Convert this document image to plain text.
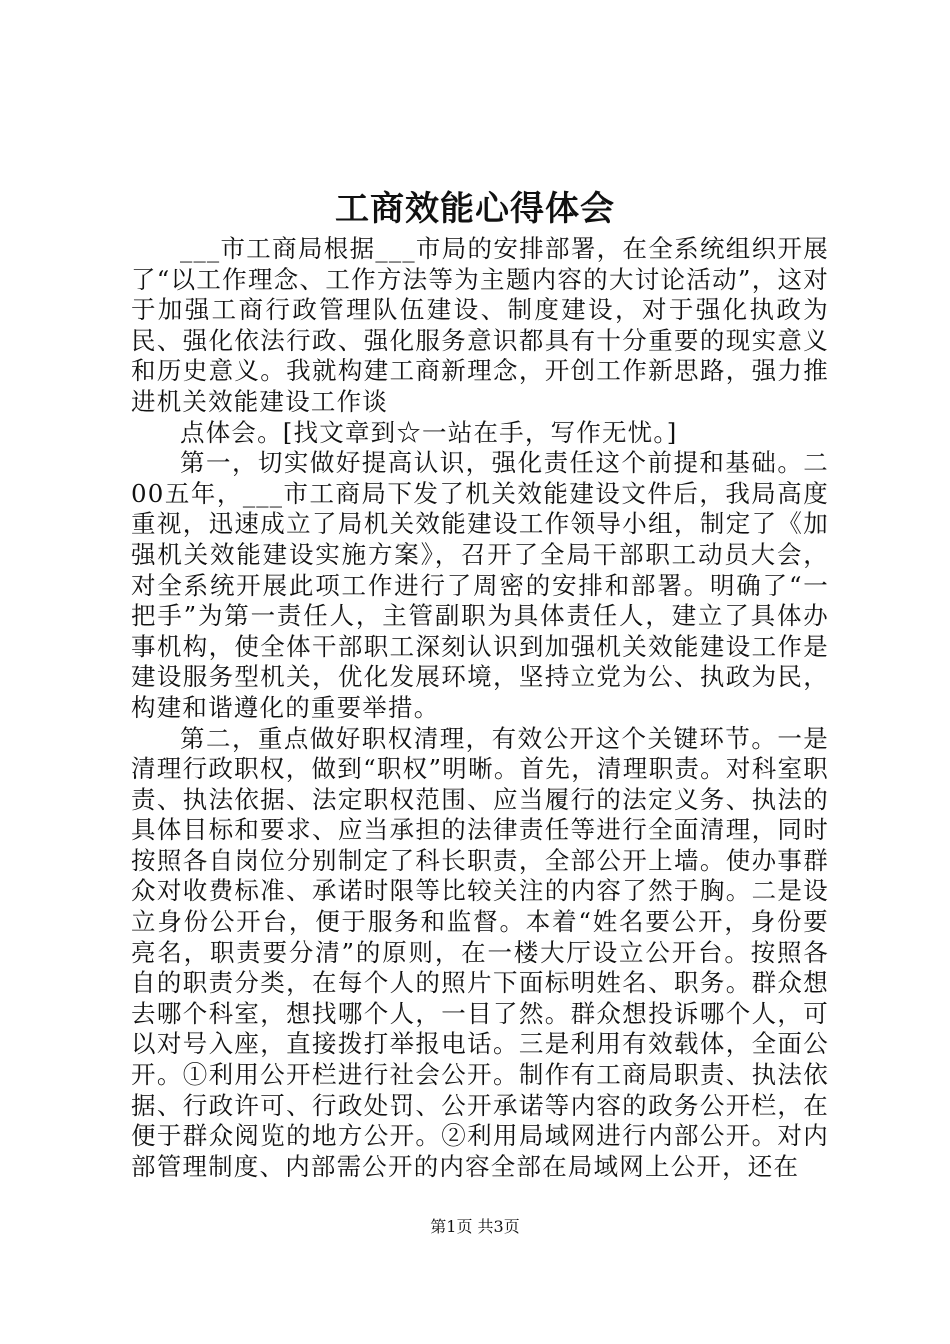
工商效能心得体会

___市工商局根据___市局的安排部署，在全系统组织开展了“以工作理念、工作方法等为主题内容的大讨论活动”，这对于加强工商行政管理队伍建设、制度建设，对于强化执政为民、强化依法行政、强化服务意识都具有十分重要的现实意义和历史意义。我就构建工商新理念，开创工作新思路，强力推进机关效能建设工作谈

点体会。[找文章到☆一站在手，写作无忧。]

第一，切实做好提高认识，强化责任这个前提和基础。二00五年，___市工商局下发了机关效能建设文件后，我局高度重视，迅速成立了局机关效能建设工作领导小组，制定了《加强机关效能建设实施方案》，召开了全局干部职工动员大会，对全系统开展此项工作进行了周密的安排和部署。明确了“一把手”为第一责任人，主管副职为具体责任人，建立了具体办事机构，使全体干部职工深刻认识到加强机关效能建设工作是建设服务型机关，优化发展环境，坚持立党为公、执政为民，构建和谐遵化的重要举措。

第二，重点做好职权清理，有效公开这个关键环节。一是清理行政职权，做到“职权”明晰。首先，清理职责。对科室职责、执法依据、法定职权范围、应当履行的法定义务、执法的具体目标和要求、应当承担的法律责任等进行全面清理，同时按照各自岗位分别制定了科长职责，全部公开上墙。使办事群众对收费标准、承诺时限等比较关注的内容了然于胸。二是设立身份公开台，便于服务和监督。本着“姓名要公开，身份要亮名，职责要分清”的原则，在一楼大厅设立公开台。按照各自的职责分类，在每个人的照片下面标明姓名、职务。群众想去哪个科室，想找哪个人，一目了然。群众想投诉哪个人，可以对号入座，直接拨打举报电话。三是利用有效载体，全面公开。①利用公开栏进行社会公开。制作有工商局职责、执法依据、行政许可、行政处罚、公开承诺等内容的政务公开栏，在便于群众阅览的地方公开。②利用局域网进行内部公开。对内部管理制度、内部需公开的内容全部在局域网上公开，还在

第1页 共3页
